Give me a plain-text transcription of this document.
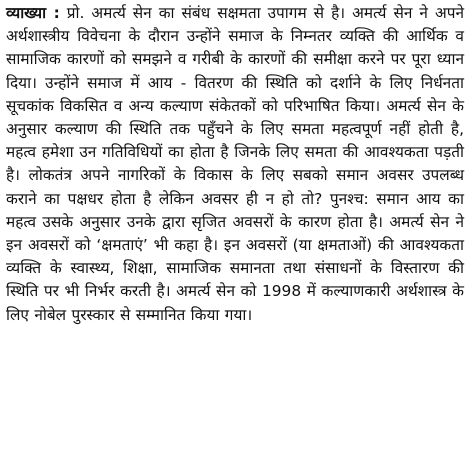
व्याख्या : प्रो. अमर्त्य सेन का संबंध सक्षमता उपागम से है। अमर्त्य सेन ने अपने अर्थशास्त्रीय विवेचना के दौरान उन्होंने समाज के निम्नतर व्यक्ति की आर्थिक व सामाजिक कारणों को समझने व गरीबी के कारणों की समीक्षा करने पर पूरा ध्यान दिया। उन्होंने समाज में आय - वितरण की स्थिति को दर्शाने के लिए निर्धनता सूचकांक विकसित व अन्य कल्याण संकेतकों को परिभाषित किया। अमर्त्य सेन के अनुसार कल्याण की स्थिति तक पहुँचने के लिए समता महत्वपूर्ण नहीं होती है, महत्व हमेशा उन गतिविधियों का होता है जिनके लिए समता की आवश्यकता पड़ती है। लोकतंत्र अपने नागरिकों के विकास के लिए सबको समान अवसर उपलब्ध कराने का पक्षधर होता है लेकिन अवसर ही न हो तो? पुनश्च: समान आय का महत्व उसके अनुसार उनके द्वारा सृजित अवसरों के कारण होता है। अमर्त्य सेन ने इन अवसरों को ‘क्षमताएं’ भी कहा है। इन अवसरों (या क्षमताओं) की आवश्यकता व्यक्ति के स्वास्थ्य, शिक्षा, सामाजिक समानता तथा संसाधनों के विस्तारण की स्थिति पर भी निर्भर करती है। अमर्त्य सेन को 1998 में कल्याणकारी अर्थशास्त्र के लिए नोबेल पुरस्कार से सम्मानित किया गया।
